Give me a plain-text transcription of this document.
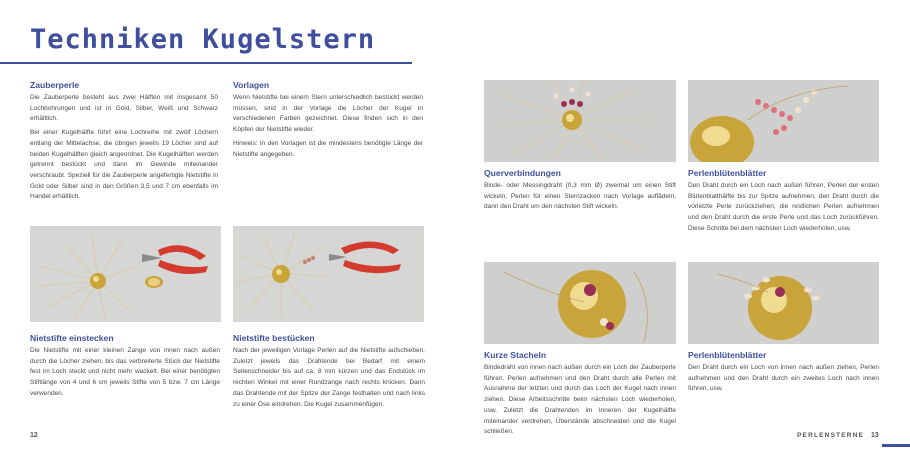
Techniken Kugelstern
Zauberperle

Die Zauberperle besteht aus zwei Hälften mit insgesamt 50 Lochbohrungen und ist in Gold, Silber, Weiß und Schwarz erhältlich.

Bei einer Kugelhälfte führt eine Lochreihe mit zwölf Löchern entlang der Mittelachse, die übrigen jeweils 19 Löcher sind auf beiden Kugelhälften gleich angeordnet. Die Kugelhälften werden getrennt bestückt und dann im Gewinde miteinander verschraubt. Speziell für die Zauberperle angefertigte Nietstifte in Gold oder Silber sind in den Größen 3,5 und 7 cm ebenfalls im Handel erhältlich.

Vorlagen

Wenn Nietstifte bei einem Stern unterschiedlich bestückt werden müssen, sind in der Vorlage die Löcher der Kugel in verschiedenen Farben gezeichnet. Diese finden sich in den Köpfen der Nietstifte wieder.

Hinweis: In den Vorlagen ist die mindestens benötigte Länge der Nietstifte angegeben.

Nietstifte einstecken

Die Nietstifte mit einer kleinen Zange von innen nach außen durch die Löcher ziehen, bis das verbreiterte Stück der Nietstifte fest im Loch steckt und nicht mehr wackelt. Bei einer benötigten Stiftlänge von 4 und 6 cm jeweils Stifte von 5 bzw. 7 cm Länge verwenden.

Nietstifte bestücken

Nach der jeweiligen Vorlage Perlen auf die Nietstifte aufschieben. Zuletzt jeweils das Drahtende bei Bedarf mit einem Seitenschneider bis auf ca. 8 mm kürzen und das Endstück im rechten Winkel mit einer Rundzange nach rechts knicken. Dann das Drahtende mit der Spitze der Zange festhalten und nach links zu einer Öse eindrehen. Die Kugel zusammenfügen.

12
Querverbindungen

Binde- oder Messingdraht (0,3 mm Ø) zweimal um einen Stift wickeln, Perlen für einen Sternzacken nach Vorlage auffädeln, dann den Draht um den nächsten Stift wickeln.

Perlenblütenblätter

Den Draht durch ein Loch nach außen führen, Perlen der ersten Blütenblatthälfte bis zur Spitze aufnehmen, den Draht durch die vorletzte Perle zurückziehen, die restlichen Perlen aufnehmen und den Draht durch die erste Perle und das Loch zurückführen. Diese Schritte bei dem nächsten Loch wiederholen, usw.

Kurze Stacheln

Bindedraht von innen nach außen durch ein Loch der Zauberperle führen. Perlen aufnehmen und den Draht durch alle Perlen mit Ausnahme der letzten und durch das Loch der Kugel nach innen ziehen. Diese Arbeitsschritte beim nächsten Loch wiederholen, usw. Zuletzt die Drahtenden im Inneren der Kugelhälfte miteinander verdrehen, Überstände abschneiden und die Kugel schließen.

Perlenblütenblätter

Den Draht durch ein Loch von innen nach außen ziehen, Perlen aufnehmen und den Draht durch ein zweites Loch nach innen führen, usw.

PERLENSTERNE 13
